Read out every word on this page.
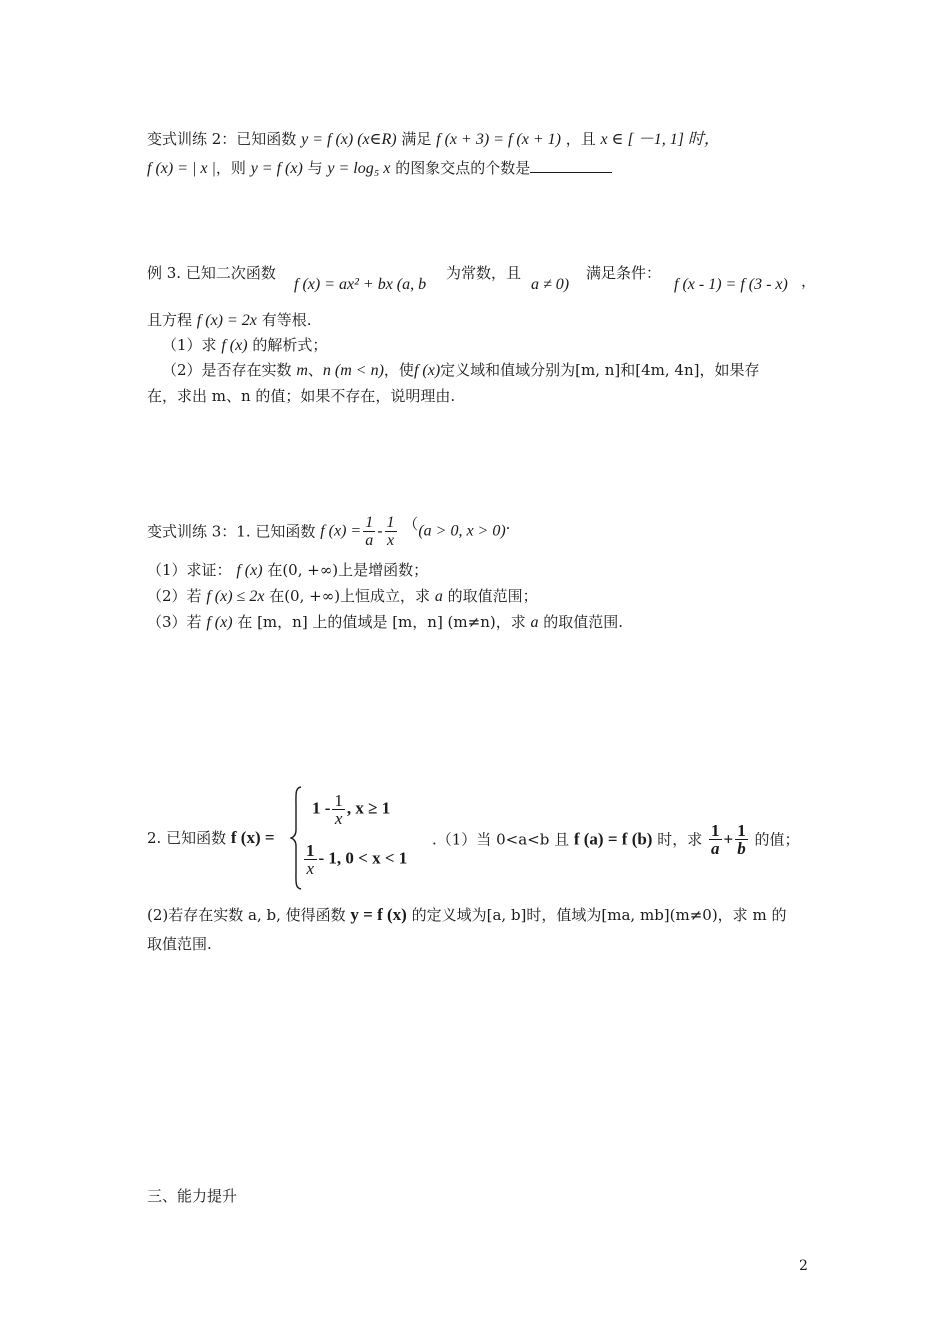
变式训练 2：已知函数 y = f (x) (x∈R) 满足 f (x + 3) = f (x + 1) ，且 x ∈ [ －1, 1] 时，
f (x) = | x |，则 y = f (x) 与 y = log₅ x 的图象交点的个数是
例 3. 已知二次函数
f (x) = ax² + bx (a, b
为常数，且
a ≠ 0)
满足条件：
f (x - 1) = f (3 - x) ，
且方程 f (x) = 2x 有等根.
（1）求 f (x) 的解析式；
（2）是否存在实数 m、n (m < n)，使f (x)定义域和值域分别为[m, n]和[4m, 4n]，如果存
在，求出 m、n 的值；如果不存在，说明理由.
变式训练 3：1. 已知函数 f $(x) = \frac{1}{a} - \frac{1}{x} ((a > 0$, x > 0).
（1）求证： f (x) 在(0, +∞)上是增函数；
（2）若 f (x) ≤ 2x 在(0, +∞)上恒成立，求 a 的取值范围；
（3）若 f (x) 在 [m，n] 上的值域是 [m，n] (m≠n)，求 a 的取值范围.
2. 已知函数 f (x) =
$1 - \frac{1}{x}$ , x ≥ 1
$\frac{1}{x} - 1$, 0 < x < 1
.（1）当 0<a<b 且 f (a) = f (b) 时，求 $\frac{1}{a} + \frac{1}{b}$ 的值；
(2)若存在实数 a, b, 使得函数 y = f (x) 的定义域为[a, b]时，值域为[ma, mb](m≠0)，求 m 的
取值范围.
三、能力提升
2
